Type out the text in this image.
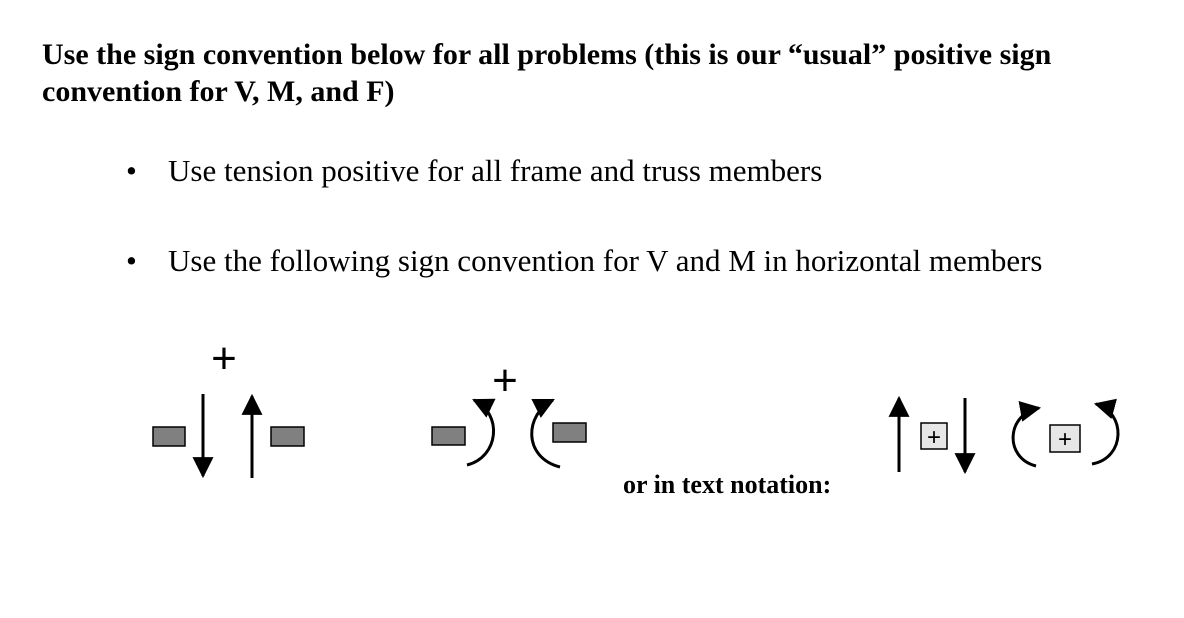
Use the sign convention below for all problems (this is our “usual” positive sign convention for V, M, and F)
• Use tension positive for all frame and truss members
• Use the following sign convention for V and M in horizontal members
+	+
+	+
or in text notation:
